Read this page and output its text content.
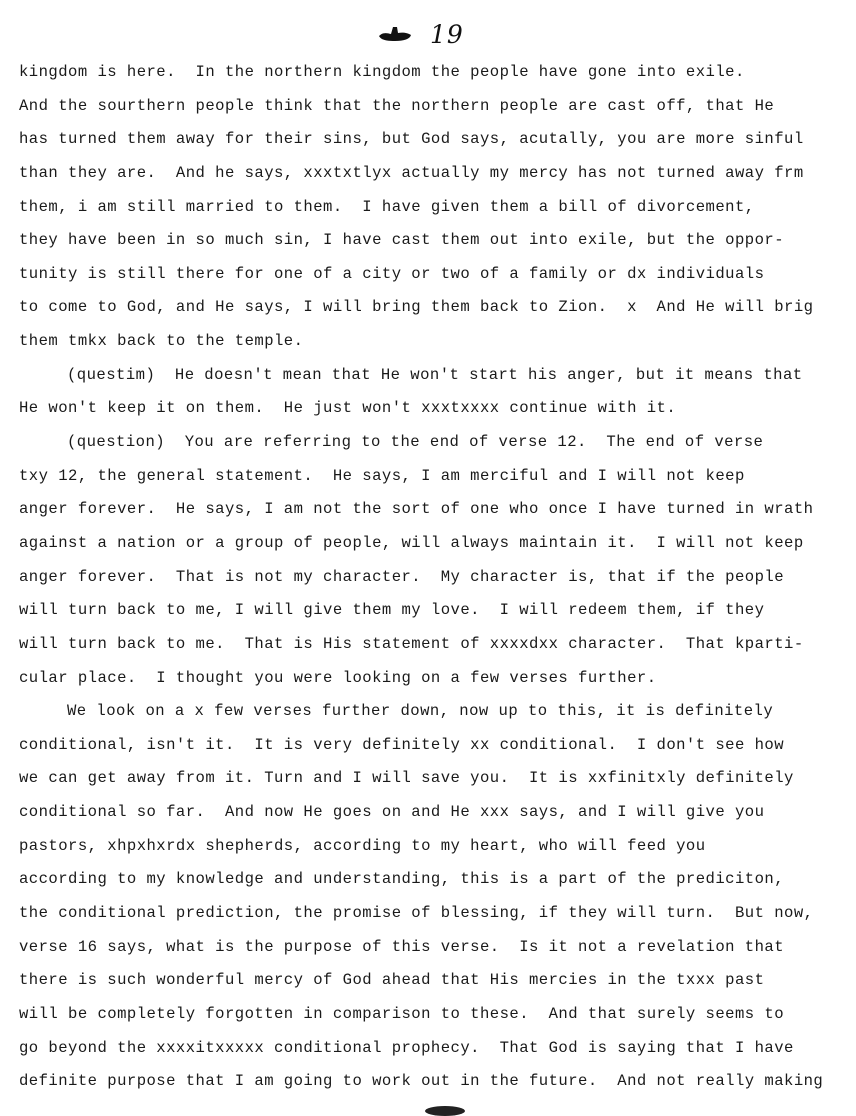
19
kingdom is here.  In the northern kingdom the people have gone into exile.
And the sourthern people think that the northern people are cast off, that He
has turned them away for their sins, but God says, acutally, you are more sinful
than they are.  And he says, xxxtxtlyx actually my mercy has not turned away frm
them, i am still married to them.  I have given them a bill of divorcement,
they have been in so much sin, I have cast them out into exile, but the oppor-
tunity is still there for one of a city or two of a family or dx individuals
to come to God, and He says, I will bring them back to Zion.  x  And He will brig
them tmkx back to the temple.
(questim)  He doesn't mean that He won't start his anger, but it means that
He won't keep it on them.  He just won't xxxtxxxx continue with it.
(question)  You are referring to the end of verse 12.  The end of verse
txy 12, the general statement.  He says, I am merciful and I will not keep
anger forever.  He says, I am not the sort of one who once I have turned in wrath
against a nation or a group of people, will always maintain it.  I will not keep
anger forever.  That is not my character.  My character is, that if the people
will turn back to me, I will give them my love.  I will redeem them, if they
will turn back to me.  That is His statement of xxxxdxx character.  That kparti-
cular place.  I thought you were looking on a few verses further.
We look on a x few verses further down, now up to this, it is definitely
conditional, isn't it.  It is very definitely xx conditional.  I don't see how
we can get away from it. Turn and I will save you.  It is xxfinitxly definitely
conditional so far.  And now He goes on and He xxx says, and I will give you
pastors, xhpxhxrdx shepherds, according to my heart, who will feed you
according to my knowledge and understanding, this is a part of the prediciton,
the conditional prediction, the promise of blessing, if they will turn.  But now,
verse 16 says, what is the purpose of this verse.  Is it not a revelation that
there is such wonderful mercy of God ahead that His mercies in the txxx past
will be completely forgotten in comparison to these.  And that surely seems to
go beyond the xxxxitxxxxx conditional prophecy.  That God is saying that I have
definite purpose that I am going to work out in the future.  And not really making
